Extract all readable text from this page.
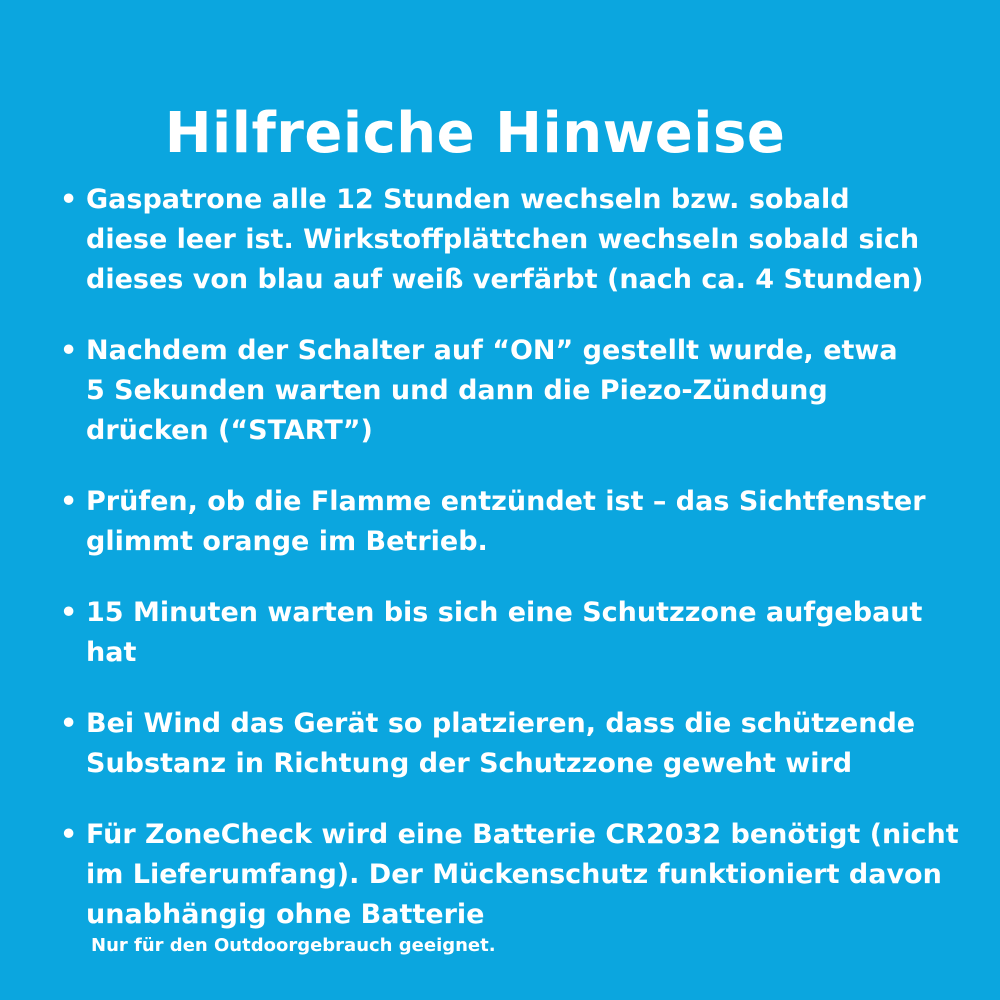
Hilfreiche Hinweise
• Gaspatrone alle 12 Stunden wechseln bzw. sobald
diese leer ist. Wirkstoffplättchen wechseln sobald sich
dieses von blau auf weiß verfärbt (nach ca. 4 Stunden)
• Nachdem der Schalter auf “ON” gestellt wurde, etwa
5 Sekunden warten und dann die Piezo-Zündung
drücken (“START”)
• Prüfen, ob die Flamme entzündet ist – das Sichtfenster
glimmt orange im Betrieb.
• 15 Minuten warten bis sich eine Schutzzone aufgebaut
hat
• Bei Wind das Gerät so platzieren, dass die schützende
Substanz in Richtung der Schutzzone geweht wird
• Für ZoneCheck wird eine Batterie CR2032 benötigt (nicht
im Lieferumfang). Der Mückenschutz funktioniert davon
unabhängig ohne Batterie
Nur für den Outdoorgebrauch geeignet.
